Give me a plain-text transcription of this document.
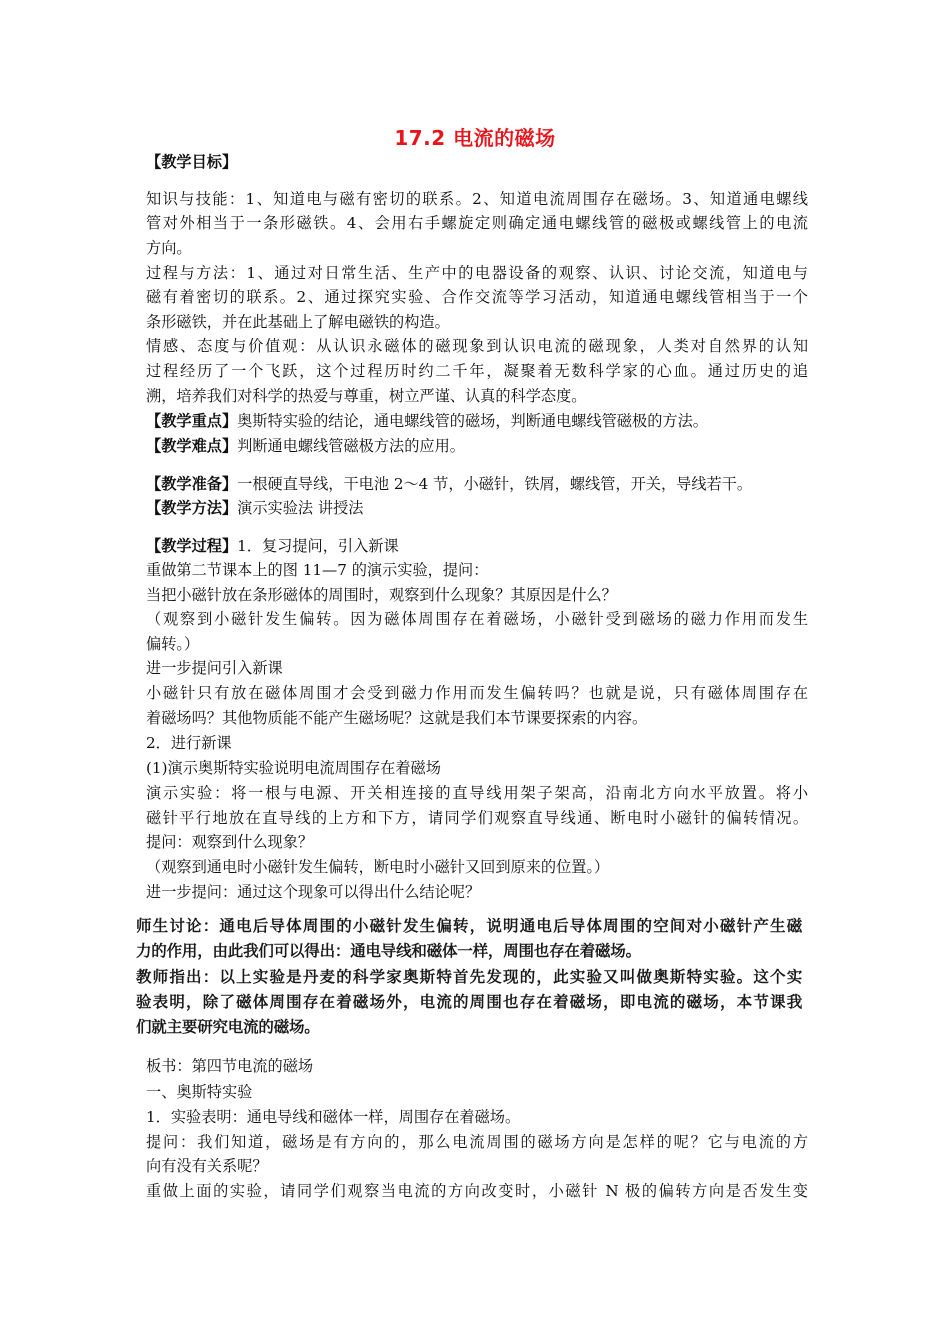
17.2 电流的磁场
【教学目标】
知识与技能：1、知道电与磁有密切的联系。2、知道电流周围存在磁场。3、知道通电螺线
管对外相当于一条形磁铁。4、会用右手螺旋定则确定通电螺线管的磁极或螺线管上的电流
方向。
过程与方法：1、通过对日常生活、生产中的电器设备的观察、认识、讨论交流，知道电与
磁有着密切的联系。2、通过探究实验、合作交流等学习活动，知道通电螺线管相当于一个
条形磁铁，并在此基础上了解电磁铁的构造。
情感、态度与价值观：从认识永磁体的磁现象到认识电流的磁现象，人类对自然界的认知
过程经历了一个飞跃，这个过程历时约二千年，凝聚着无数科学家的心血。通过历史的追
溯，培养我们对科学的热爱与尊重，树立严谨、认真的科学态度。
【教学重点】奥斯特实验的结论，通电螺线管的磁场，判断通电螺线管磁极的方法。
【教学难点】判断通电螺线管磁极方法的应用。
【教学准备】一根硬直导线，干电池 2～4 节，小磁针，铁屑，螺线管，开关，导线若干。
【教学方法】演示实验法 讲授法
【教学过程】1．复习提问，引入新课
重做第二节课本上的图 11—7 的演示实验，提问：
当把小磁针放在条形磁体的周围时，观察到什么现象？其原因是什么？
（观察到小磁针发生偏转。因为磁体周围存在着磁场，小磁针受到磁场的磁力作用而发生
偏转。）
进一步提问引入新课
小磁针只有放在磁体周围才会受到磁力作用而发生偏转吗？也就是说，只有磁体周围存在
着磁场吗？其他物质能不能产生磁场呢？这就是我们本节课要探索的内容。
2．进行新课
(1)演示奥斯特实验说明电流周围存在着磁场
演示实验：将一根与电源、开关相连接的直导线用架子架高，沿南北方向水平放置。将小
磁针平行地放在直导线的上方和下方，请同学们观察直导线通、断电时小磁针的偏转情况。
提问：观察到什么现象？
（观察到通电时小磁针发生偏转，断电时小磁针又回到原来的位置。）
进一步提问：通过这个现象可以得出什么结论呢？
师生讨论：通电后导体周围的小磁针发生偏转，说明通电后导体周围的空间对小磁针产生磁
力的作用，由此我们可以得出：通电导线和磁体一样，周围也存在着磁场。
教师指出：以上实验是丹麦的科学家奥斯特首先发现的，此实验又叫做奥斯特实验。这个实
验表明，除了磁体周围存在着磁场外，电流的周围也存在着磁场，即电流的磁场，本节课我
们就主要研究电流的磁场。
板书：第四节电流的磁场
一、奥斯特实验
1．实验表明：通电导线和磁体一样，周围存在着磁场。
提问：我们知道，磁场是有方向的，那么电流周围的磁场方向是怎样的呢？它与电流的方
向有没有关系呢？
重做上面的实验，请同学们观察当电流的方向改变时，小磁针 N 极的偏转方向是否发生变
